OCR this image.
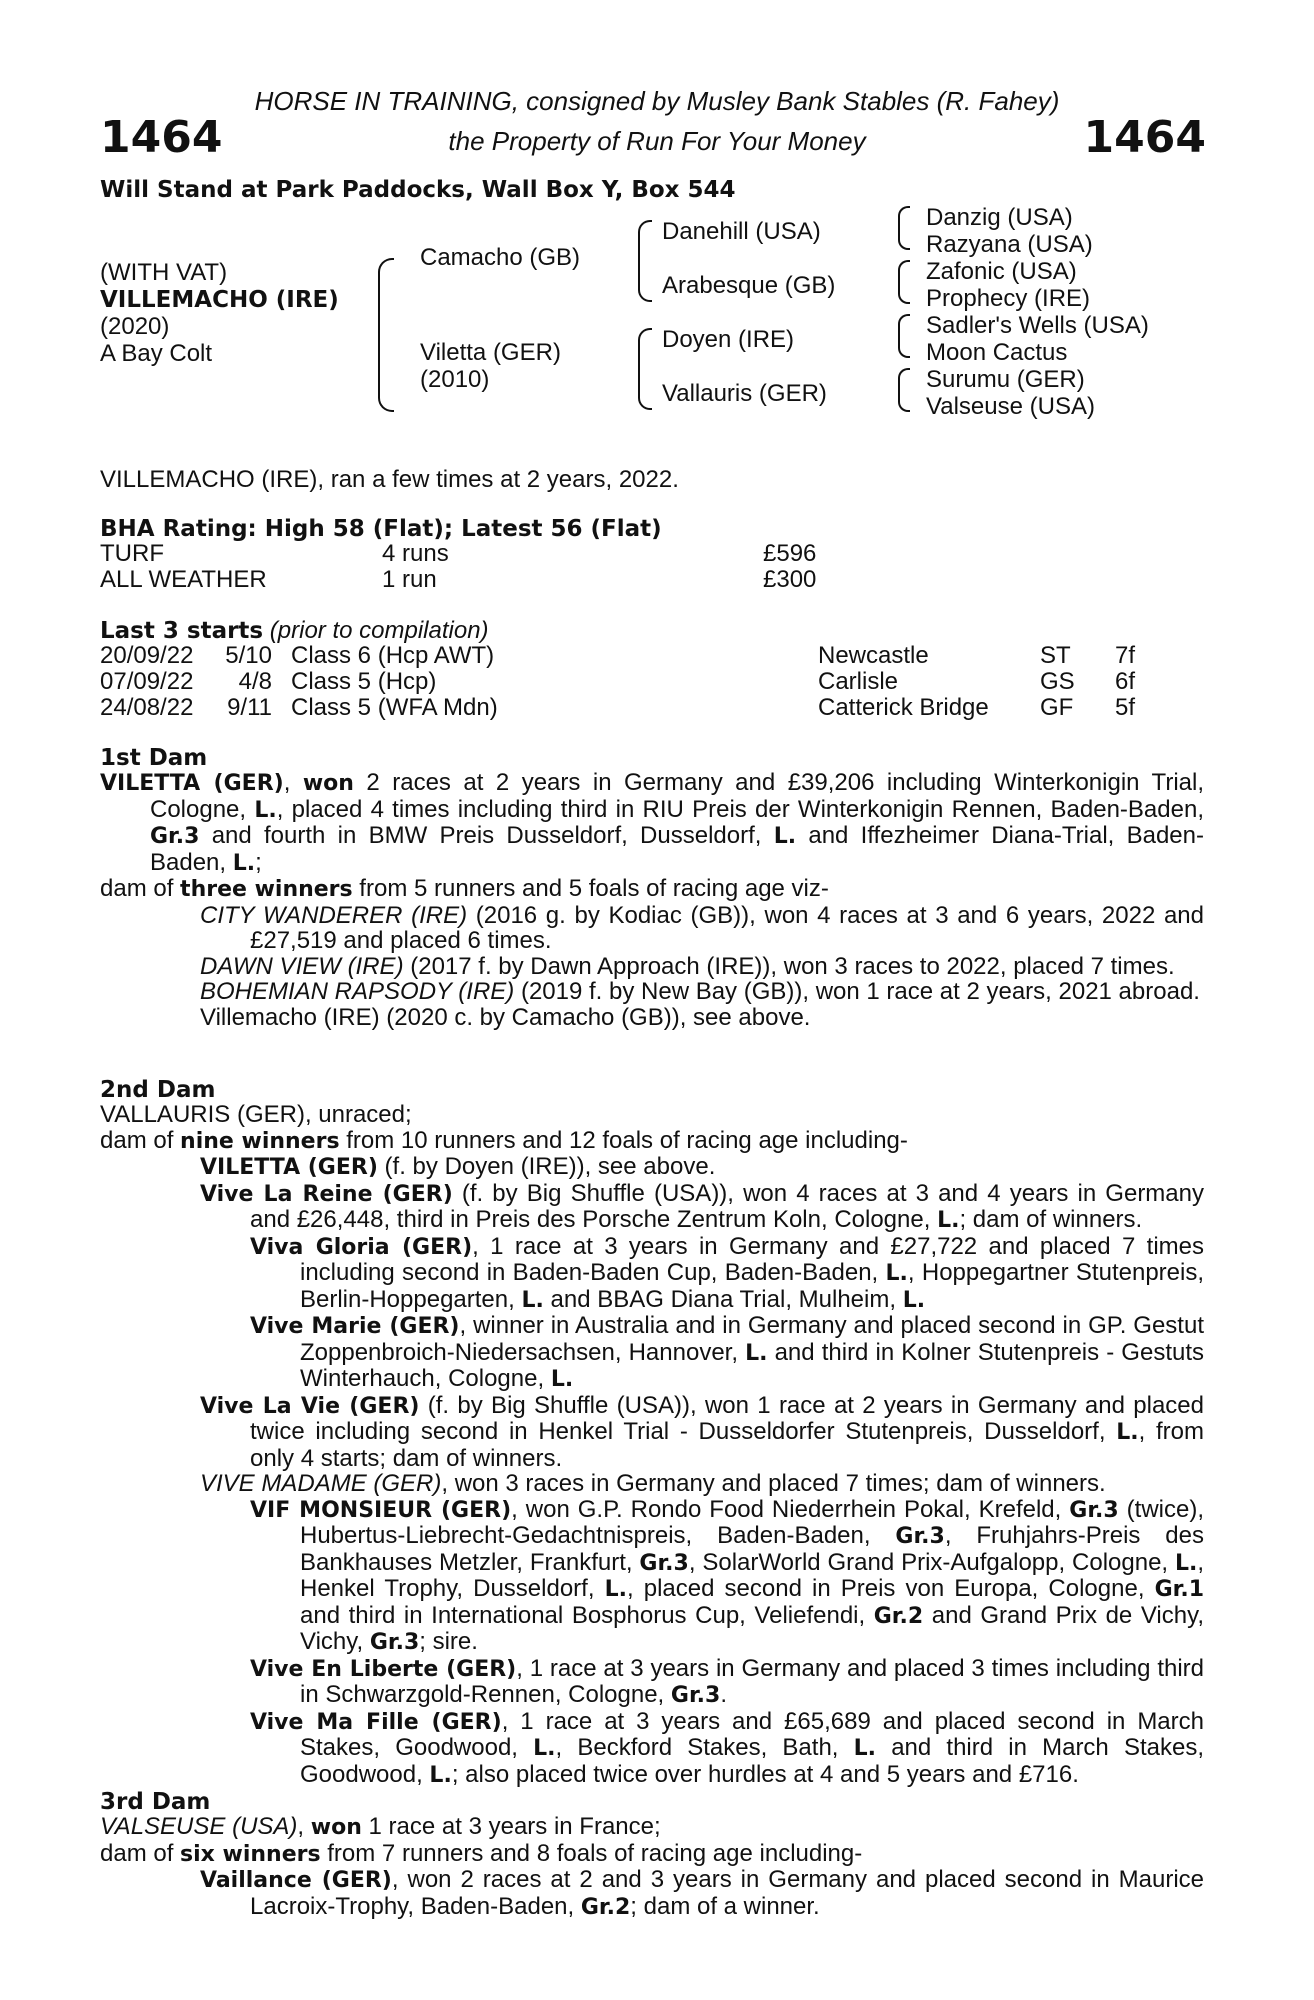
1464	1464
HORSE IN TRAINING, consigned by Musley Bank Stables (R. Fahey)
the Property of Run For Your Money
Will Stand at Park Paddocks, Wall Box Y, Box 544
(WITH VAT)
VILLEMACHO (IRE)
(2020)
A Bay Colt
Camacho (GB)
Viletta (GER)
(2010)
Danehill (USA)
Arabesque (GB)
Doyen (IRE)
Vallauris (GER)
Danzig (USA)
Razyana (USA)
Zafonic (USA)
Prophecy (IRE)
Sadler's Wells (USA)
Moon Cactus
Surumu (GER)
Valseuse (USA)
VILLEMACHO (IRE), ran a few times at 2 years, 2022.
BHA Rating: High 58 (Flat); Latest 56 (Flat)
TURF	4 runs	£596
ALL WEATHER	1 run	£300
Last 3 starts (prior to compilation)
20/09/22	5/10 Class 6 (Hcp AWT)	Newcastle	ST 7f
07/09/22	4/8 Class 5 (Hcp)	Carlisle	GS 6f
24/08/22	9/11 Class 5 (WFA Mdn)	Catterick Bridge GF 5f
1st Dam

VILETTA (GER), won 2 races at 2 years in Germany and £39,206 including Winterkonigin Trial, Cologne, L., placed 4 times including third in RIU Preis der Winterkonigin Rennen, Baden-Baden, Gr.3 and fourth in BMW Preis Dusseldorf, Dusseldorf, L. and Iffezheimer Diana-Trial, Baden-Baden, L.;

dam of three winners from 5 runners and 5 foals of racing age viz-

CITY WANDERER (IRE) (2016 g. by Kodiac (GB)), won 4 races at 3 and 6 years, 2022 and £27,519 and placed 6 times.

DAWN VIEW (IRE) (2017 f. by Dawn Approach (IRE)), won 3 races to 2022, placed 7 times.

BOHEMIAN RAPSODY (IRE) (2019 f. by New Bay (GB)), won 1 race at 2 years, 2021 abroad.

Villemacho (IRE) (2020 c. by Camacho (GB)), see above.

2nd Dam

VALLAURIS (GER), unraced;

dam of nine winners from 10 runners and 12 foals of racing age including-

VILETTA (GER) (f. by Doyen (IRE)), see above.

Vive La Reine (GER) (f. by Big Shuffle (USA)), won 4 races at 3 and 4 years in Germany and £26,448, third in Preis des Porsche Zentrum Koln, Cologne, L.; dam of winners.

Viva Gloria (GER), 1 race at 3 years in Germany and £27,722 and placed 7 times including second in Baden-Baden Cup, Baden-Baden, L., Hoppegartner Stutenpreis, Berlin-Hoppegarten, L. and BBAG Diana Trial, Mulheim, L.

Vive Marie (GER), winner in Australia and in Germany and placed second in GP. Gestut Zoppenbroich-Niedersachsen, Hannover, L. and third in Kolner Stutenpreis - Gestuts Winterhauch, Cologne, L.

Vive La Vie (GER) (f. by Big Shuffle (USA)), won 1 race at 2 years in Germany and placed twice including second in Henkel Trial - Dusseldorfer Stutenpreis, Dusseldorf, L., from only 4 starts; dam of winners.

VIVE MADAME (GER), won 3 races in Germany and placed 7 times; dam of winners.

VIF MONSIEUR (GER), won G.P. Rondo Food Niederrhein Pokal, Krefeld, Gr.3 (twice), Hubertus-Liebrecht-Gedachtnispreis, Baden-Baden, Gr.3, Fruhjahrs-Preis des Bankhauses Metzler, Frankfurt, Gr.3, SolarWorld Grand Prix-Aufgalopp, Cologne, L., Henkel Trophy, Dusseldorf, L., placed second in Preis von Europa, Cologne, Gr.1 and third in International Bosphorus Cup, Veliefendi, Gr.2 and Grand Prix de Vichy, Vichy, Gr.3; sire.

Vive En Liberte (GER), 1 race at 3 years in Germany and placed 3 times including third in Schwarzgold-Rennen, Cologne, Gr.3.

Vive Ma Fille (GER), 1 race at 3 years and £65,689 and placed second in March Stakes, Goodwood, L., Beckford Stakes, Bath, L. and third in March Stakes, Goodwood, L.; also placed twice over hurdles at 4 and 5 years and £716.

3rd Dam

VALSEUSE (USA), won 1 race at 3 years in France;

dam of six winners from 7 runners and 8 foals of racing age including-

Vaillance (GER), won 2 races at 2 and 3 years in Germany and placed second in Maurice Lacroix-Trophy, Baden-Baden, Gr.2; dam of a winner.
